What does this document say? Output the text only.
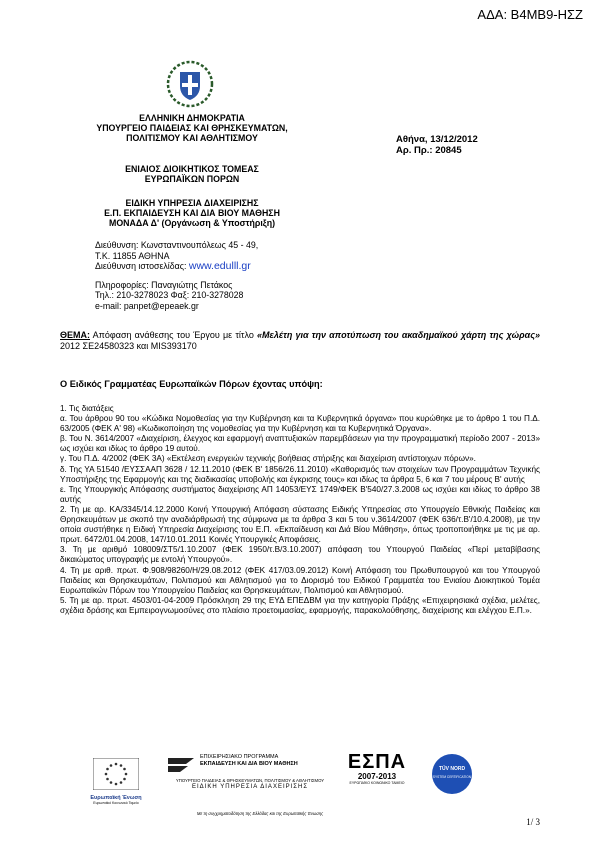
ΑΔΑ: Β4ΜΒ9-ΗΣΖ
ΕΛΛΗΝΙΚΗ ΔΗΜΟΚΡΑΤΙΑ
ΥΠΟΥΡΓΕΙΟ ΠΑΙΔΕΙΑΣ ΚΑΙ ΘΡΗΣΚΕΥΜΑΤΩΝ,
ΠΟΛΙΤΙΣΜΟΥ ΚΑΙ ΑΘΛΗΤΙΣΜΟΥ
ΕΝΙΑΙΟΣ ΔΙΟΙΚΗΤΙΚΟΣ ΤΟΜΕΑΣ
ΕΥΡΩΠΑΪΚΩΝ ΠΟΡΩΝ
ΕΙΔΙΚΗ ΥΠΗΡΕΣΙΑ ΔΙΑΧΕΙΡΙΣΗΣ
Ε.Π. ΕΚΠΑΙΔΕΥΣΗ ΚΑΙ ΔΙΑ ΒΙΟΥ ΜΑΘΗΣΗ
ΜΟΝΑΔΑ Δ' (Οργάνωση & Υποστήριξη)
Αθήνα, 13/12/2012
Αρ. Πρ.: 20845
Διεύθυνση: Κωνσταντινουπόλεως 45 - 49,
Τ.Κ. 11855 ΑΘΗΝΑ
Διεύθυνση ιστοσελίδας: www.edulll.gr
Πληροφορίες: Παναγιώτης Πετάκος
Τηλ.: 210-3278023 Φαξ: 210-3278028
e-mail: panpet@epeaek.gr
ΘΕΜΑ: Απόφαση ανάθεσης του Έργου με τίτλο «Μελέτη για την αποτύπωση του ακαδημαϊκού χάρτη της χώρας» 2012 ΣΕ24580323 και MIS393170
Ο Ειδικός Γραμματέας Ευρωπαϊκών Πόρων έχοντας υπόψη:

1. Τις διατάξεις

α. Του άρθρου 90 του «Κώδικα Νομοθεσίας για την Κυβέρνηση και τα Κυβερνητικά όργανα» που κυρώθηκε με το άρθρο 1 του Π.Δ. 63/2005 (ΦΕΚ Α' 98) «Κωδικοποίηση της νομοθεσίας για την Κυβέρνηση και τα Κυβερνητικά Όργανα».

β. Του Ν. 3614/2007 «Διαχείριση, έλεγχος και εφαρμογή αναπτυξιακών παρεμβάσεων για την προγραμματική περίοδο 2007 - 2013» ως ισχύει και ιδίως το άρθρο 19 αυτού.

γ. Του Π.Δ. 4/2002 (ΦΕΚ 3Α) «Εκτέλεση ενεργειών τεχνικής βοήθειας στήριξης και διαχείριση αντίστοιχων πόρων».

δ. Της ΥΑ 51540 /ΕΥΣΣΑΑΠ 3628 / 12.11.2010 (ΦΕΚ Β' 1856/26.11.2010) «Καθορισμός των στοιχείων των Προγραμμάτων Τεχνικής Υποστήριξης της Εφαρμογής και της διαδικασίας υποβολής και έγκρισης τους» και ιδίως τα άρθρα 5, 6 και 7 του μέρους Β' αυτής

ε. Της Υπουργικής Απόφασης συστήματος διαχείρισης ΑΠ 14053/ΕΥΣ 1749/ΦΕΚ Β'540/27.3.2008 ως ισχύει και ιδίως το άρθρο 38 αυτής

2. Τη με αρ. ΚΑ/3345/14.12.2000 Κοινή Υπουργική Απόφαση σύστασης Ειδικής Υπηρεσίας στο Υπουργείο Εθνικής Παιδείας και Θρησκευμάτων με σκοπό την αναδιάρθρωσή της σύμφωνα με τα άρθρα 3 και 5 του ν.3614/2007 (ΦΕΚ 636/τ.Β'/10.4.2008), με την οποία συστήθηκε η Ειδική Υπηρεσία Διαχείρισης του Ε.Π. «Εκπαίδευση και Διά Βίου Μάθηση», όπως τροποποιήθηκε με τις με αρ. πρωτ. 6472/01.04.2008, 147/10.01.2011 Κοινές Υπουργικές Αποφάσεις.

3. Τη με αριθμό 108009/ΣΤ5/1.10.2007 (ΦΕΚ 1950/τ.Β/3.10.2007) απόφαση του Υπουργού Παιδείας «Περί μεταβίβασης δικαιώματος υπογραφής με εντολή Υπουργού».

4. Τη με αριθ. πρωτ. Φ.908/98260/Η/29.08.2012 (ΦΕΚ 417/03.09.2012) Κοινή Απόφαση του Πρωθυπουργού και του Υπουργού Παιδείας και Θρησκευμάτων, Πολιτισμού και Αθλητισμού για το Διορισμό του Ειδικού Γραμματέα του Ενιαίου Διοικητικού Τομέα Ευρωπαϊκών Πόρων του Υπουργείου Παιδείας και Θρησκευμάτων, Πολιτισμού και Αθλητισμού.

5. Τη με αρ. πρωτ. 4503/01-04-2009 Πρόσκληση 29 της ΕΥΔ ΕΠΕΔΒΜ για την κατηγορία Πράξης «Επιχειρησιακά σχέδια, μελέτες, σχέδια δράσης και Εμπειρογνωμοσύνες στο πλαίσιο προετοιμασίας, εφαρμογής, παρακολούθησης, διαχείρισης και ελέγχου Ε.Π.».

Ευρωπαϊκή Ένωση
Ευρωπαϊκό Κοινωνικό Ταμείο
ΕΠΙΧΕΙΡΗΣΙΑΚΟ ΠΡΟΓΡΑΜΜΑ
ΕΚΠΑΙΔΕΥΣΗ ΚΑΙ ΔΙΑ ΒΙΟΥ ΜΑΘΗΣΗ
ΥΠΟΥΡΓΕΙΟ ΠΑΙΔΕΙΑΣ & ΘΡΗΣΚΕΥΜΑΤΩΝ, ΠΟΛΙΤΙΣΜΟΥ & ΑΘΛΗΤΙΣΜΟΥ
ΕΙΔΙΚΗ ΥΠΗΡΕΣΙΑ ΔΙΑΧΕΙΡΙΣΗΣ
Με τη συγχρηματοδότηση της Ελλάδας και της Ευρωπαϊκής Ένωσης
ΕΣΠΑ
2007-2013
ΕΥΡΩΠΑΪΚΟ ΚΟΙΝΩΝΙΚΟ ΤΑΜΕΙΟ
TÜV NORD
SYSTEM CERTIFICATION
1/ 3
